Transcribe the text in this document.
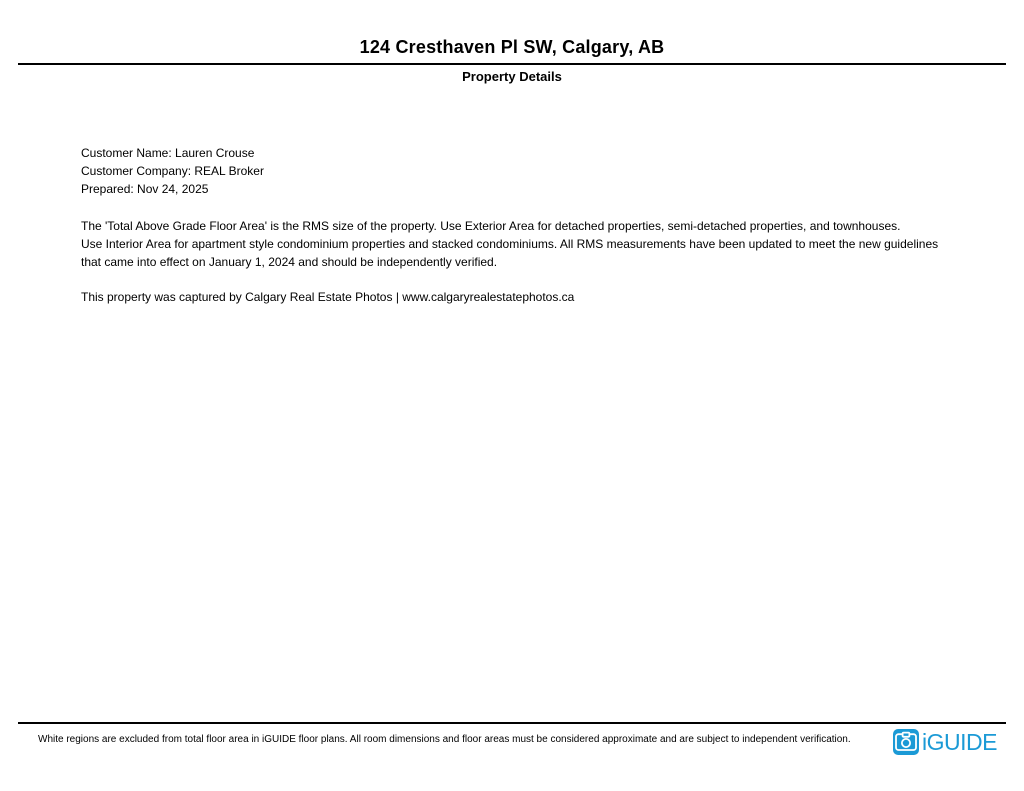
124 Cresthaven Pl SW, Calgary, AB
Property Details
Customer Name: Lauren Crouse
Customer Company: REAL Broker
Prepared: Nov 24, 2025
The 'Total Above Grade Floor Area' is the RMS size of the property. Use Exterior Area for detached properties, semi-detached properties, and townhouses.
Use Interior Area for apartment style condominium properties and stacked condominiums. All RMS measurements have been updated to meet the new guidelines
that came into effect on January 1, 2024 and should be independently verified.
This property was captured by Calgary Real Estate Photos | www.calgaryrealestatephotos.ca
White regions are excluded from total floor area in iGUIDE floor plans. All room dimensions and floor areas must be considered approximate and are subject to independent verification.	iGUIDE
